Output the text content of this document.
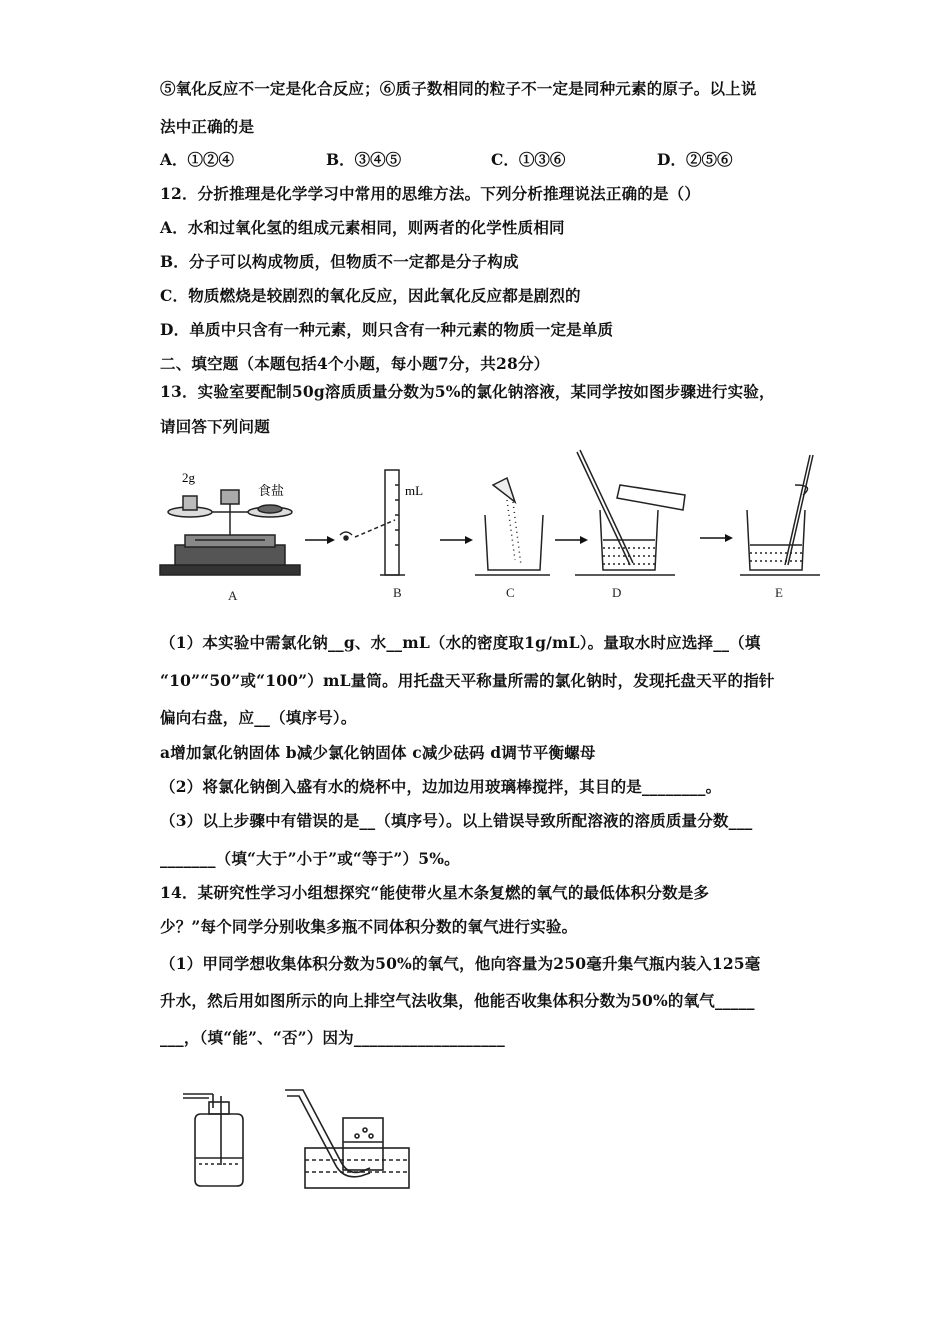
⑤氧化反应不一定是化合反应；⑥质子数相同的粒子不一定是同种元素的原子。以上说
法中正确的是
A．①②④	B．③④⑤	C．①③⑥	D．②⑤⑥
12．分折推理是化学学习中常用的思维方法。下列分析推理说法正确的是（）
A．水和过氧化氢的组成元素相同，则两者的化学性质相同
B．分子可以构成物质，但物质不一定都是分子构成
C．物质燃烧是较剧烈的氧化反应，因此氧化反应都是剧烈的
D．单质中只含有一种元素，则只含有一种元素的物质一定是单质
二、填空题（本题包括4个小题，每小题7分，共28分）
13．实验室要配制50g溶质质量分数为5%的氯化钠溶液，某同学按如图步骤进行实验，
请回答下列问题
2g
食盐	mL
A	B	C	D	E
（1）本实验中需氯化钠__g、水__mL（水的密度取1g/mL）。量取水时应选择__（填
“10”“50”或“100”）mL量筒。用托盘天平称量所需的氯化钠时，发现托盘天平的指针
偏向右盘，应__（填序号）。
a增加氯化钠固体 b减少氯化钠固体 c减少砝码 d调节平衡螺母
（2）将氯化钠倒入盛有水的烧杯中，边加边用玻璃棒搅拌，其目的是________。
（3）以上步骤中有错误的是__（填序号）。以上错误导致所配溶液的溶质质量分数___
_______（填“大于”小于”或“等于”）5%。
14．某研究性学习小组想探究“能使带火星木条复燃的氧气的最低体积分数是多
少？”每个同学分别收集多瓶不同体积分数的氧气进行实验。
（1）甲同学想收集体积分数为50%的氧气，他向容量为250毫升集气瓶内装入125毫
升水，然后用如图所示的向上排空气法收集，他能否收集体积分数为50%的氧气_____
___，（填“能”、“否”）因为___________________
